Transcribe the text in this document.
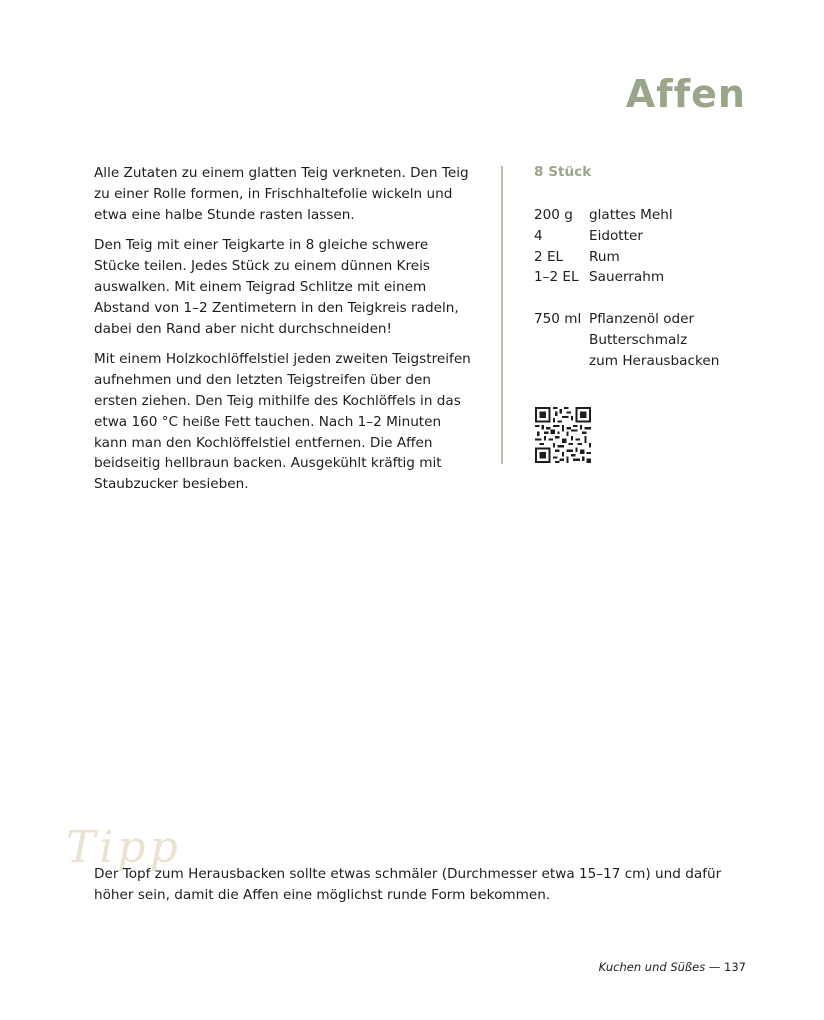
Affen

Alle Zutaten zu einem glatten Teig verkneten. Den Teig zu einer Rolle formen, in Frischhaltefolie wickeln und etwa eine halbe Stunde rasten lassen.

Den Teig mit einer Teigkarte in 8 gleiche schwere Stücke teilen. Jedes Stück zu einem dünnen Kreis auswalken. Mit einem Teigrad Schlitze mit einem Abstand von 1–2 Zentimetern in den Teigkreis radeln, dabei den Rand aber nicht durchschneiden!

Mit einem Holzkochlöffelstiel jeden zweiten Teigstreifen aufnehmen und den letzten Teigstreifen über den ersten ziehen. Den Teig mithilfe des Kochlöffels in das etwa 160 °C heiße Fett tauchen. Nach 1–2 Minuten kann man den Kochlöffelstiel entfernen. Die Affen beidseitig hellbraun backen. Ausgekühlt kräftig mit Staubzucker besieben.

8 Stück
200 g	glattes Mehl
4	Eidotter
2 EL	Rum
1–2 EL Sauerrahm
750 ml Pflanzenöl oder
Butterschmalz
zum Herausbacken
Tipp
Der Topf zum Herausbacken sollte etwas schmäler (Durchmesser etwa 15–17 cm) und dafür höher sein, damit die Affen eine möglichst runde Form bekommen.
Kuchen und Süßes — 137
